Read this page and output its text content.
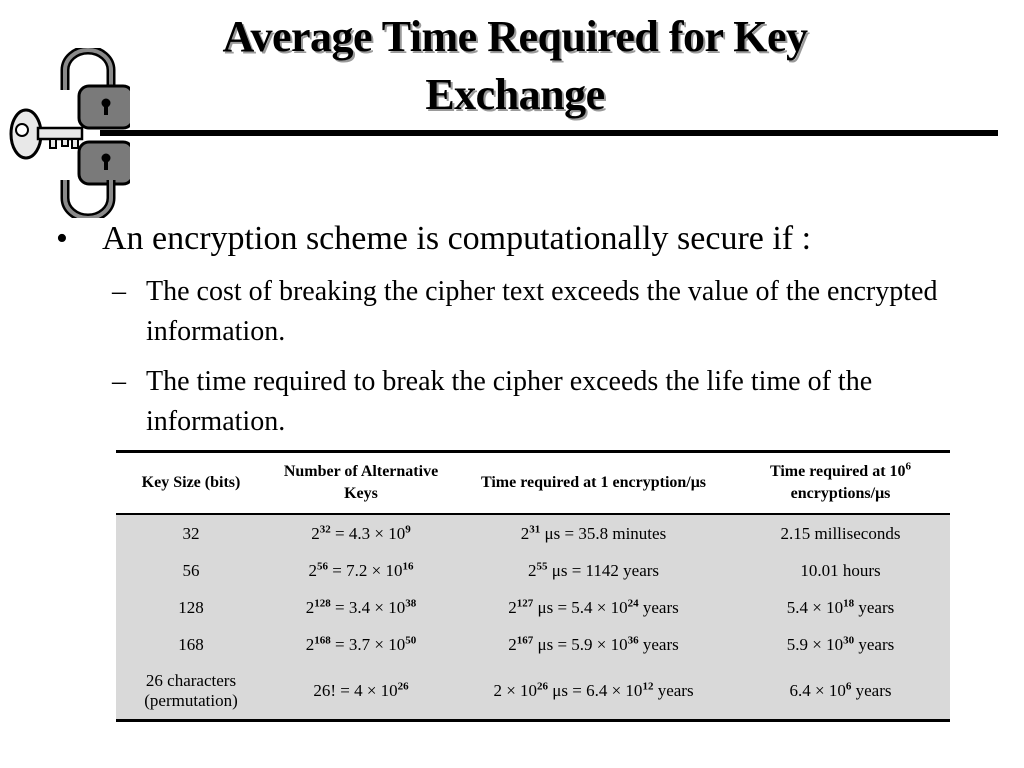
Average Time Required for Key
Exchange
•	An encryption scheme is computationally secure if :
– The cost of breaking the cipher text exceeds the value of the encrypted information.
– The time required to break the cipher exceeds the life time of the information.
Key Size (bits)	Number of Alternative Keys	Time required at 1 encryption/μs	Time required at $10^6$
encryptions/μs
32	$2^{32} = 4.3 \times 10^9$	$2^{31}$ μs = 35.8 minutes	2.15 milliseconds
56	$2^{56} = 7.2 \times 10^{16}$	$2^{55}$ μs = 1142 years	10.01 hours
128	$2^{128} = 3.4 \times 10^{38}$	$2^{127}$ $\mu s = 5.4 \times 10^{24}$ years	$5.4 \times 10^{18}$ years
168	$2^{168} = 3.7 \times 10^{50}$	$2^{167}$ $\mu s = 5.9 \times 10^{36}$ years	$5.9 \times 10^{30}$ years
26 characters
(permutation)	26! = $4 \times 10^{26}$	$2 \times 10^{26}$ $\mu s = 6.4 \times 10^{12}$ years	$6.4 \times 10^6$ years
